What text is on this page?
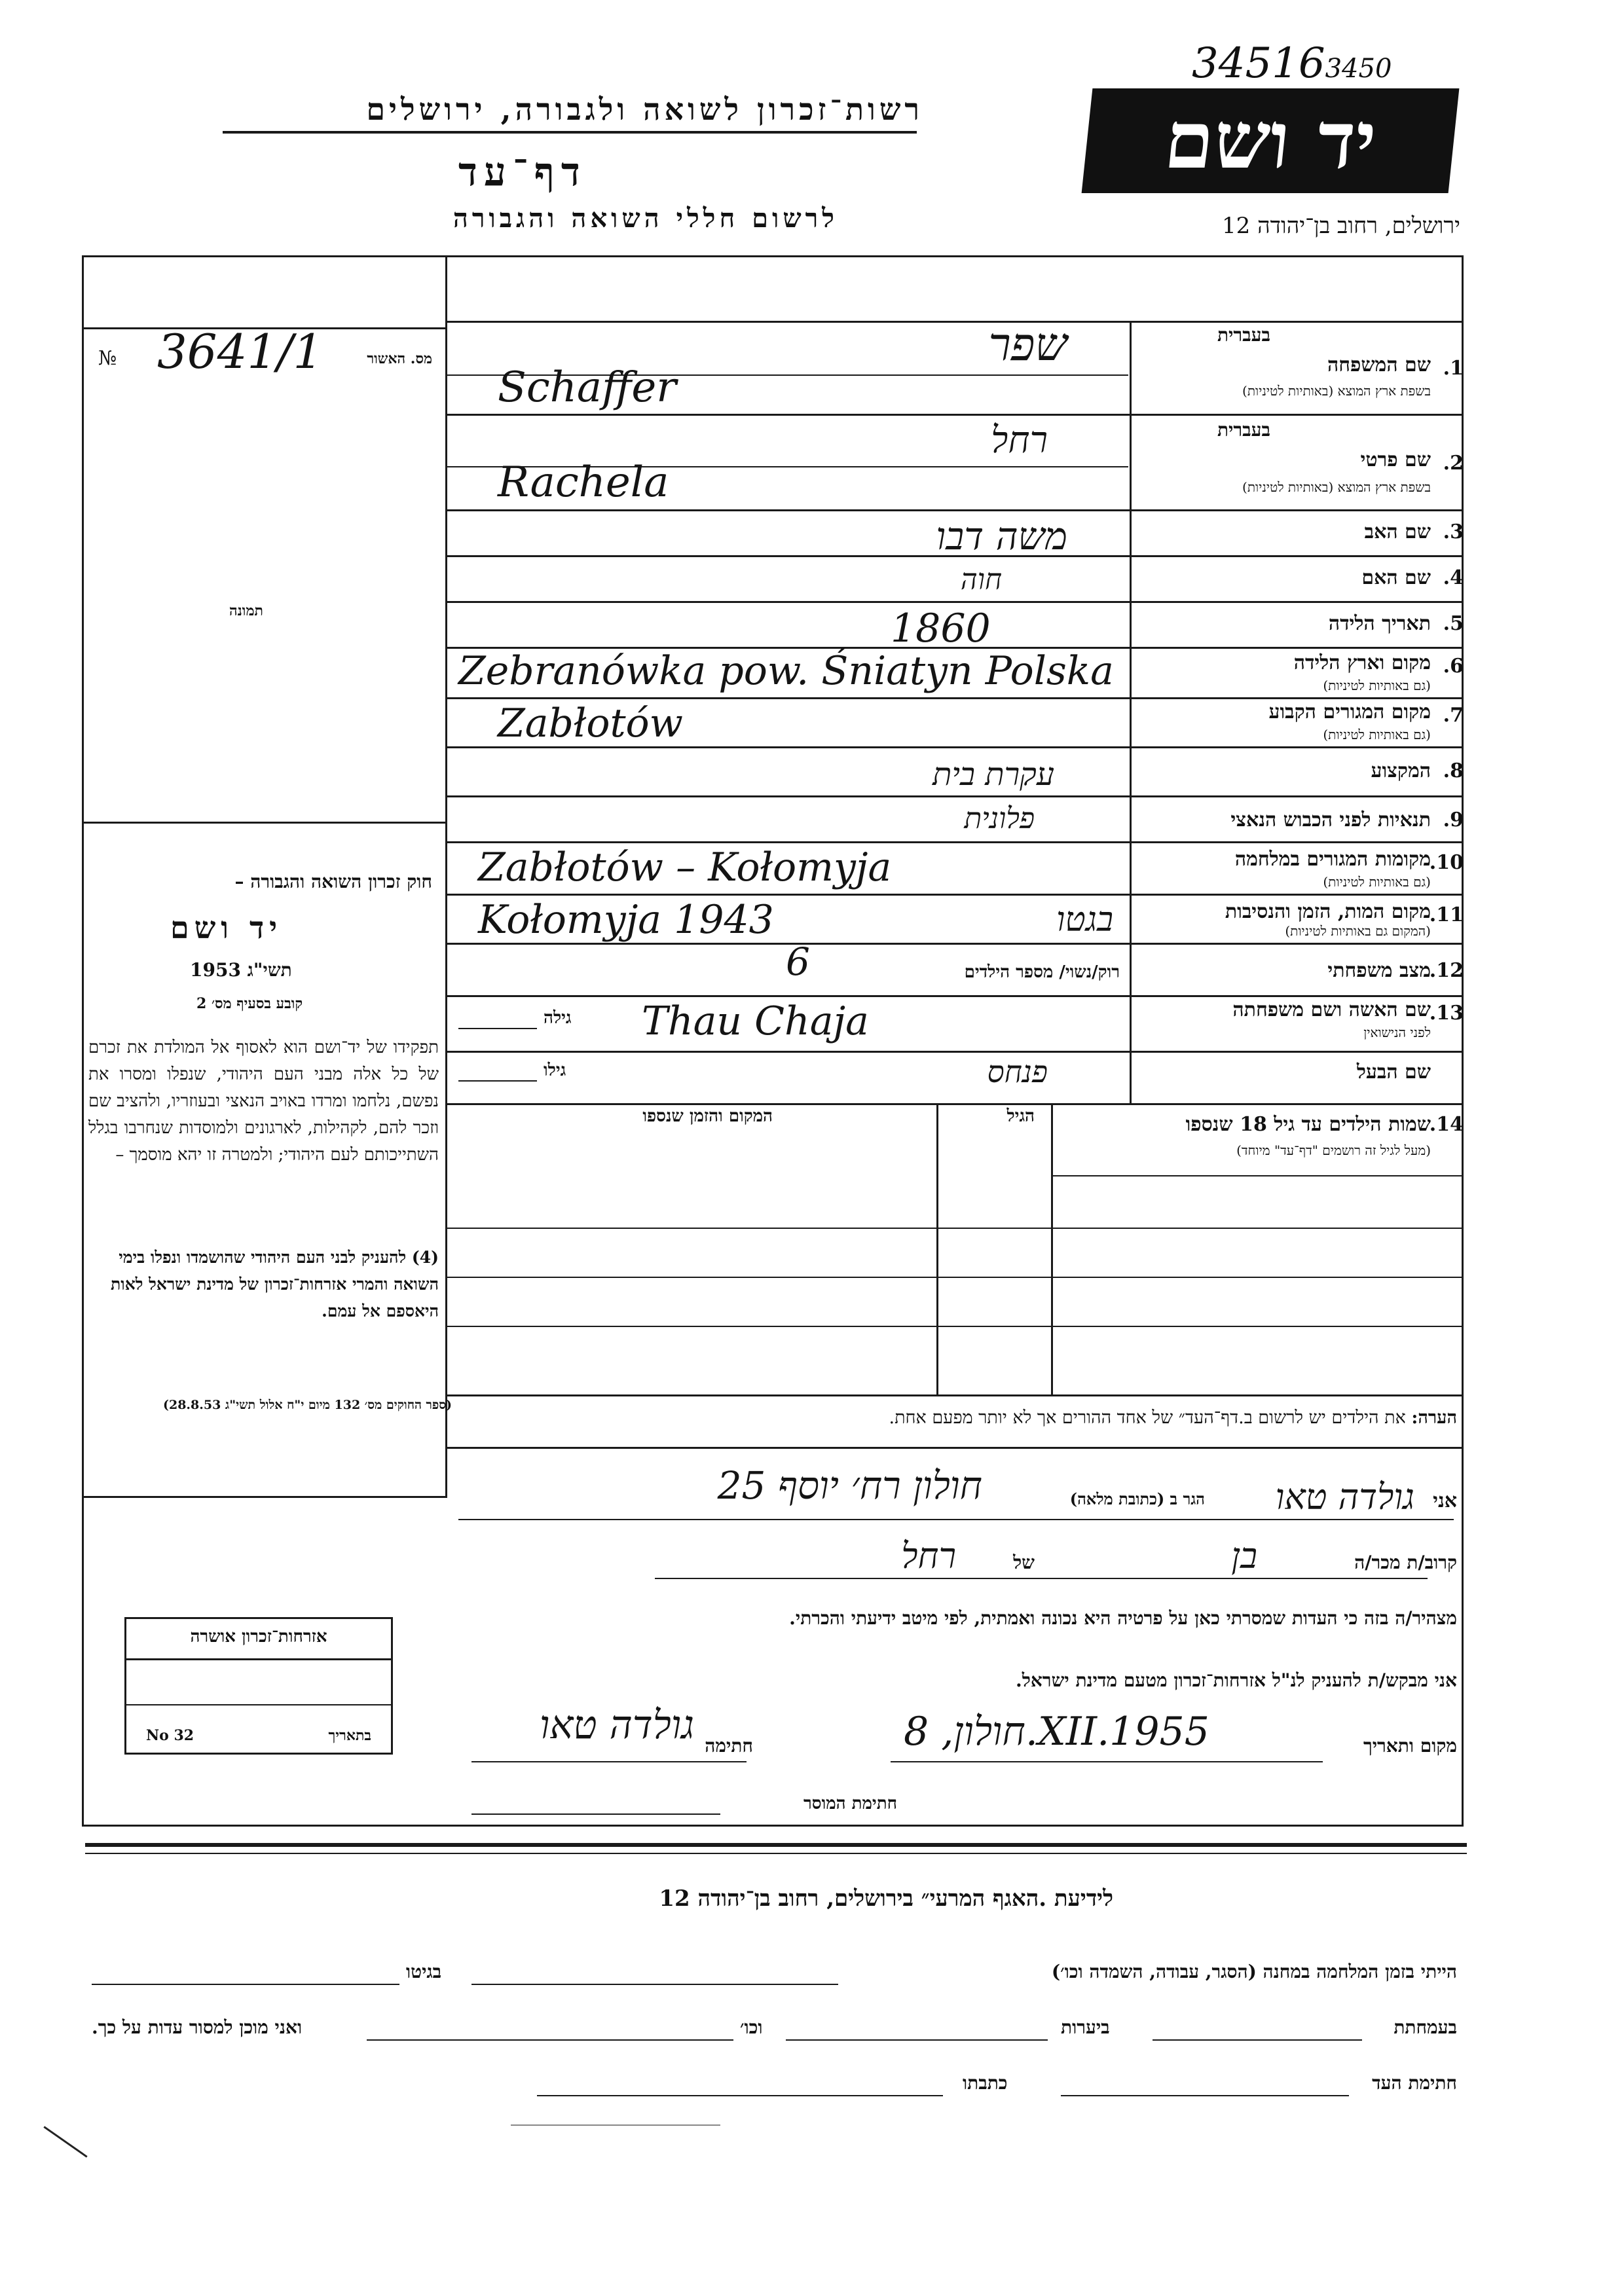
345163450
רשות־זכרון לשואה ולגבורה, ירושלים
דף־עד
לרשום חללי השואה והגבורה
יד ושם
ירושלים, רחוב בן־יהודה 12
№ 3641/1	מס. האשור
תמונה
חוק זכרון השואה והגבורה –
יד ושם
תשי"ג 1953
קובע בסעיף מס׳ 2
תפקידו של יד־ושם הוא לאסוף אל המולדת את זכרם של כל אלה מבני העם היהודי, שנפלו ומסרו את נפשם, נלחמו ומרדו באויב הנאצי ובעוזריו, ולהציב שם וזכר להם, לקהילות, לארגונים ולמוסדות שנחרבו בגלל השתייכותם לעם היהודי; ולמטרה זו יהא מוסמך –
(4) להעניק לבני העם היהודי שהושמדו ונפלו בימי השואה והמרי אזרחות־זכרון של מדינת ישראל לאות היאספם אל עמם.
(ספר החוקים מס׳ 132 מיום י"ח אלול תשי"ג 28.8.53)
1.
שם המשפחה
בשפת ארץ המוצא (באותיות לטיניות)
בעברית
שפר
Schaffer
2.
שם פרטי
בשפת ארץ המוצא (באותיות לטיניות)
בעברית
רחל
Rachela
3.
שם האב
משה דבו
4.
שם האם
חוה
5.
תאריך הלידה
1860
6.
מקום וארץ הלידה
(גם באותיות לטיניות)
Zebranówka pow. Śniatyn Polska
7.
מקום המגורים הקבוע
(גם באותיות לטיניות)
Zabłotów
8.
המקצוע
עקרת בית
9.
תנאיות לפני הכבוש הנאצי
פלונית
10.
מקומות המגורים במלחמה
(גם באותיות לטיניות)
Zabłotów – Kołomyja
11.
מקום המות, הזמן והנסיבות
(המקום גם באותיות לטיניות)
Kołomyja 1943	בגטו
12.
מצב משפחתי
רוק/נשוי/ מספר הילדים
6
13.
שם האשה ושם משפחתה
לפני הנישואין
גילה Thau Chaja
שם הבעל
גילו	פנחס
14.
שמות הילדים עד גיל 18 שנספו
(מעל לגיל זה רושמים "דף־עד" מיוחד)
הגיל
המקום והזמן שנספו
הערה: את הילדים יש לרשום ב.דף־העד״ של אחד ההורים אך לא יותר מפעם אחת.
אני
גולדה טאו
הגר ב (כתובת מלאה)
חולון רח׳ יוסף 25
קרוב/ת מכר/ה
בן
של
רחל
מצהיר/ה בזה כי העדות שמסרתי כאן על פרטיה היא נכונה ואמתית, לפי מיטב ידיעתי והכרתי.
אני מבקש/ת להעניק לנ"ל אזרחות־זכרון מטעם מדינת ישראל.
מקום ותאריך
חולון, 8.XII.1955
חתימה
גולדה טאו
חתימת המוסר
אזרחות־זכרון אושרה
בתאריך
No 32
לידיעת .האגף המרעי״ בירושלים, רחוב בן־יהודה 12
הייתי בזמן המלחמה במחנה (הסגר, עבודה, השמדה וכו׳)
בגיטו
בעמחתת
ביערות
וכו׳
ואני מוכן למסור עדות על כך.
חתימת העד
כתבתו
